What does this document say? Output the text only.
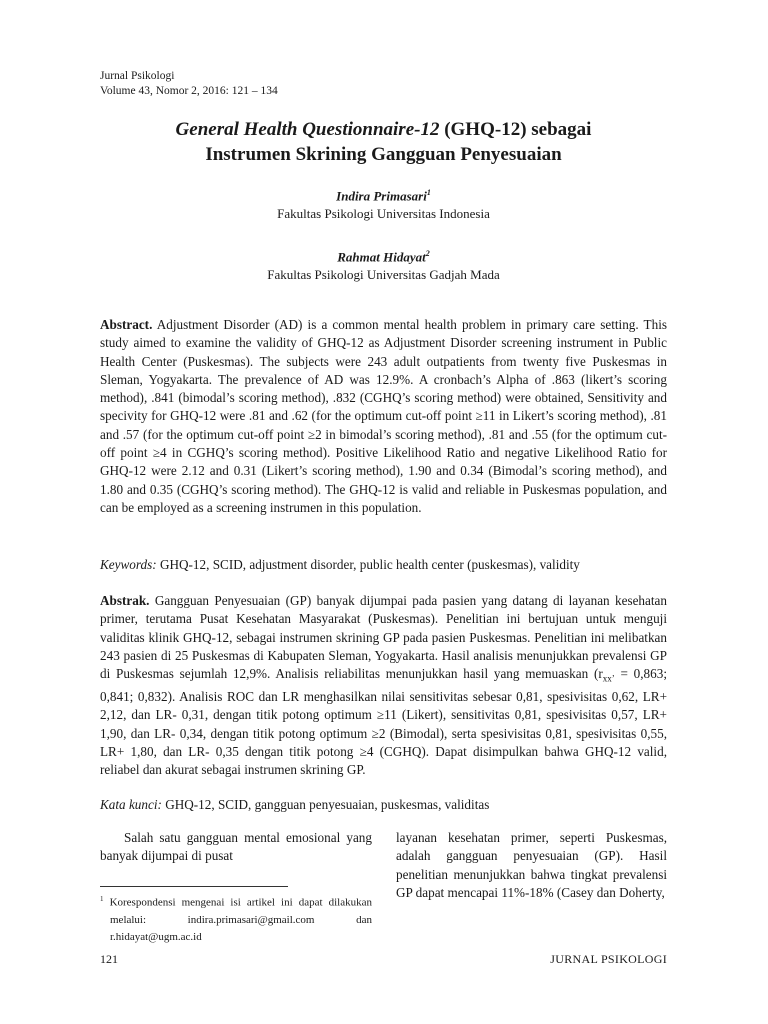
Jurnal Psikologi
Volume 43, Nomor 2, 2016: 121 – 134
General Health Questionnaire-12 (GHQ-12) sebagai
Instrumen Skrining Gangguan Penyesuaian
Indira Primasari$^1$
Fakultas Psikologi Universitas Indonesia
Rahmat Hidayat$^2$
Fakultas Psikologi Universitas Gadjah Mada

Abstract. Adjustment Disorder (AD) is a common mental health problem in primary care setting. This study aimed to examine the validity of GHQ-12 as Adjustment Disorder screening instrument in Public Health Center (Puskesmas). The subjects were 243 adult outpatients from twenty five Puskesmas in Sleman, Yogyakarta. The prevalence of AD was 12.9%. A cronbach’s Alpha of .863 (likert’s scoring method), .841 (bimodal’s scoring method), .832 (CGHQ’s scoring method) were obtained, Sensitivity and specivity for GHQ-12 were .81 and .62 (for the optimum cut-off point ≥11 in Likert’s scoring method), .81 and .57 (for the optimum cut-off point ≥2 in bimodal’s scoring method), .81 and .55 (for the optimum cut-off point ≥4 in CGHQ’s scoring method). Positive Likelihood Ratio and negative Likelihood Ratio for GHQ-12 were 2.12 and 0.31 (Likert’s scoring method), 1.90 and 0.34 (Bimodal’s scoring method), and 1.80 and 0.35 (CGHQ’s scoring method). The GHQ-12 is valid and reliable in Puskesmas population, and can be employed as a screening instrumen in this population.

Keywords: GHQ-12, SCID, adjustment disorder, public health center (puskesmas), validity

Abstrak. Gangguan Penyesuaian (GP) banyak dijumpai pada pasien yang datang di layanan kesehatan primer, terutama Pusat Kesehatan Masyarakat (Puskesmas). Penelitian ini bertujuan untuk menguji validitas klinik GHQ-12, sebagai instrumen skrining GP pada pasien Puskesmas. Penelitian ini melibatkan 243 pasien di 25 Puskesmas di Kabupaten Sleman, Yogyakarta. Hasil analisis menunjukkan prevalensi GP di Puskesmas sejumlah 12,9%. Analisis reliabilitas menunjukkan hasil yang memuaskan ($r_{xx’} = 0,863$; 0,841; 0,832). Analisis ROC dan LR menghasilkan nilai sensitivitas sebesar 0,81, spesivisitas 0,62, LR+ 2,12, dan LR- 0,31, dengan titik potong optimum ≥11 (Likert), sensitivitas 0,81, spesivisitas 0,57, LR+ 1,90, dan LR- 0,34, dengan titik potong optimum ≥2 (Bimodal), serta spesivisitas 0,81, spesivisitas 0,55, LR+ 1,80, dan LR- 0,35 dengan titik potong ≥4 (CGHQ). Dapat disimpulkan bahwa GHQ-12 valid, reliabel dan akurat sebagai instrumen skrining GP.

Kata kunci: GHQ-12, SCID, gangguan penyesuaian, puskesmas, validitas

Salah satu gangguan mental emosional yang banyak dijumpai di pusat

layanan kesehatan primer, seperti Puskesmas, adalah gangguan penyesuaian (GP). Hasil penelitian menunjukkan bahwa tingkat prevalensi GP dapat mencapai 11%-18% (Casey dan Doherty,

$^1$ Korespondensi mengenai isi artikel ini dapat dilakukan melalui: indira.primasari@gmail.com dan r.hidayat@ugm.ac.id

121	JURNAL PSIKOLOGI
